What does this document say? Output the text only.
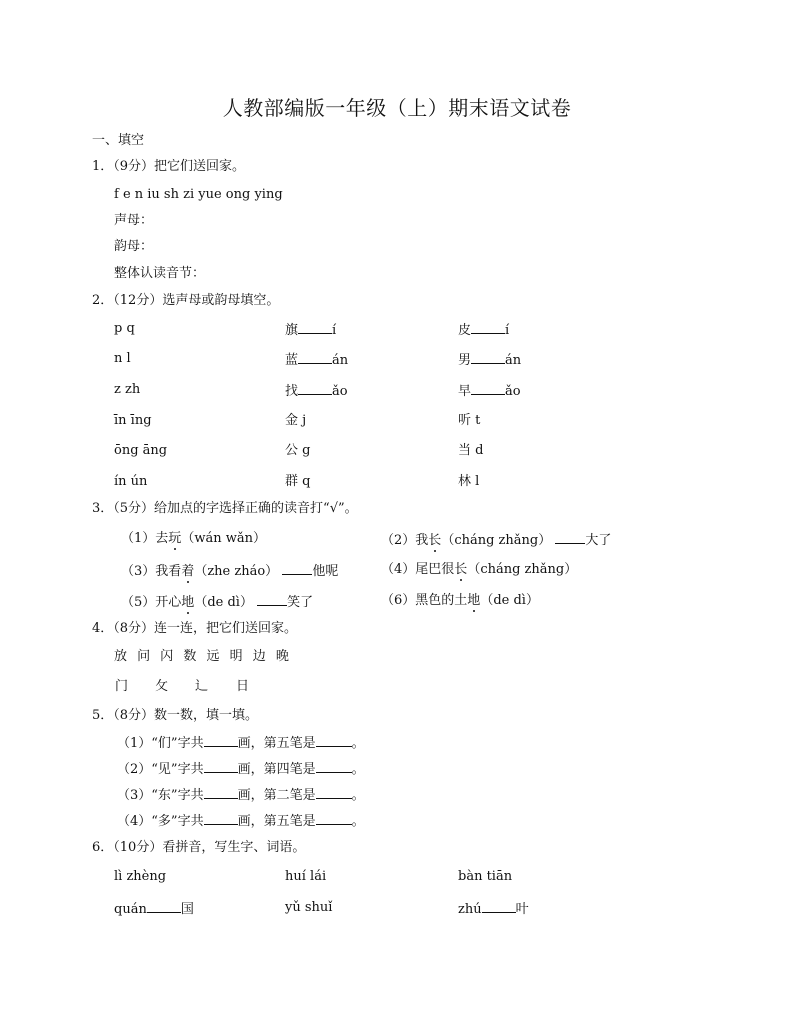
人教部编版一年级（上）期末语文试卷
一、填空
1．（9分）把它们送回家。
f e n iu sh zi yue ong ying
声母：
韵母：
整体认读音节：
2．（12分）选声母或韵母填空。
p q	旗	í	皮	í
n l	蓝	án	男	án
z zh	找	ǎo	早	ǎo
īn īng	金 j	听 t
ōng āng	公 g	当 d
ín ún	群 q	林 l
3．（5分）给加点的字选择正确的读音打“√”。
（1）去玩（wán wǎn）	（2）我长（cháng zhǎng）	大了
（3）我看着（zhe zháo）	他呢	（4）尾巴很长（cháng zhǎng）
（5）开心地（de dì）	笑了	（6）黑色的土地（de dì）
4．（8分）连一连，把它们送回家。
放 问 闪 数 远 明 边 晚
门 攵 辶 日
5．（8分）数一数，填一填。
（1）“们”字共	画，第五笔是	。
（2）“见”字共	画，第四笔是	。
（3）“东”字共	画，第二笔是	。
（4）“多”字共	画，第五笔是	。
6．（10分）看拼音，写生字、词语。
lì zhèng	huí lái	bàn tiān
quán	国	yǔ shuǐ	zhú	叶
